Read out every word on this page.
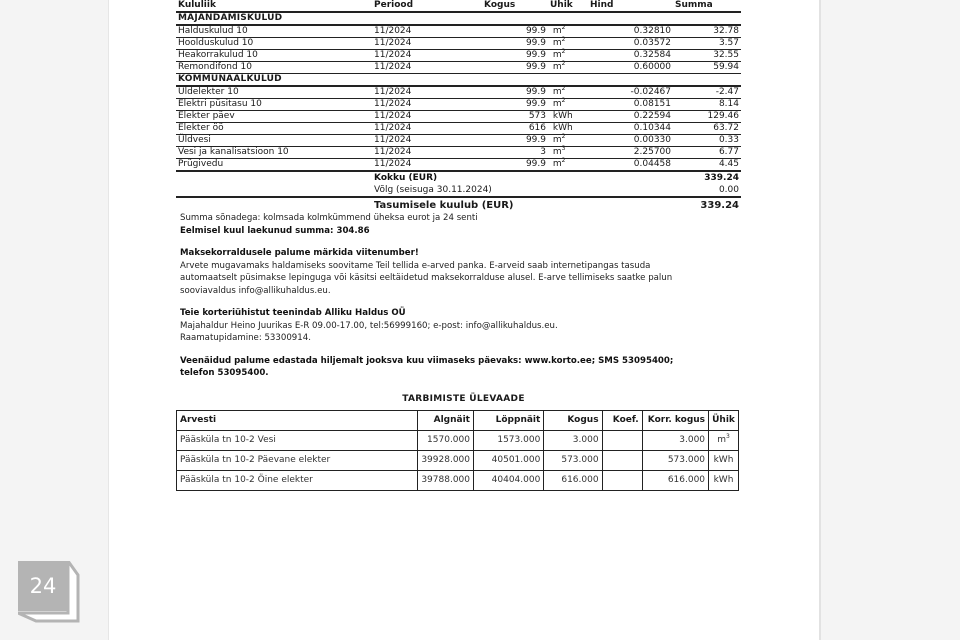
Kululiik	Periood	Kogus	Ühik	Hind	Summa
MAJANDAMISKULUD					
Halduskulud 10	11/2024	99.9	$m^2$	0.32810	32.78
Hoolduskulud 10	11/2024	99.9	$m^2$	0.03572	3.57
Heakorrakulud 10	11/2024	99.9	$m^2$	0.32584	32.55
Remondifond 10	11/2024	99.9	$m^2$	0.60000	59.94
KOMMUNAALKULUD					
Üldelekter 10	11/2024	99.9	$m^2$	-0.02467	-2.47
Elektri püsitasu 10	11/2024	99.9	$m^2$	0.08151	8.14
Elekter päev	11/2024	573	kWh	0.22594	129.46
Elekter öö	11/2024	616	kWh	0.10344	63.72
Üldvesi	11/2024	99.9	$m^2$	0.00330	0.33
Vesi ja kanalisatsioon 10	11/2024	3	$m^3$	2.25700	6.77
Prügivedu	11/2024	99.9	$m^2$	0.04458	4.45
	Kokku (EUR)	339.24
	Võlg (seisuga 30.11.2024)	0.00
	Tasumisele kuulub (EUR)	339.24
Summa sõnadega: kolmsada kolmkümmend üheksa eurot ja 24 senti
Eelmisel kuul laekunud summa: 304.86
Maksekorraldusele palume märkida viitenumber!
Arvete mugavamaks haldamiseks soovitame Teil tellida e-arved panka. E-arveid saab internetipangas tasuda
automaatselt püsimakse lepinguga või käsitsi eeltäidetud maksekorralduse alusel. E-arve tellimiseks saatke palun
sooviavaldus info@allikuhaldus.eu.
Teie korteriühistut teenindab Alliku Haldus OÜ
Majahaldur Heino Juurikas E-R 09.00-17.00, tel:56999160; e-post: info@allikuhaldus.eu.
Raamatupidamine: 53300914.
Veenäidud palume edastada hiljemalt jooksva kuu viimaseks päevaks: www.korto.ee; SMS 53095400;
telefon 53095400.
TARBIMISTE ÜLEVAADE
Arvesti	Algnäit	Löppnäit	Kogus	Koef.	Korr. kogus	Ühik
Pääsküla tn 10-2 Vesi	1570.000	1573.000	3.000		3.000	$m^3$
Pääsküla tn 10-2 Päevane elekter	39928.000	40501.000	573.000		573.000	kWh
Pääsküla tn 10-2 Öine elekter	39788.000	40404.000	616.000		616.000	kWh
24
